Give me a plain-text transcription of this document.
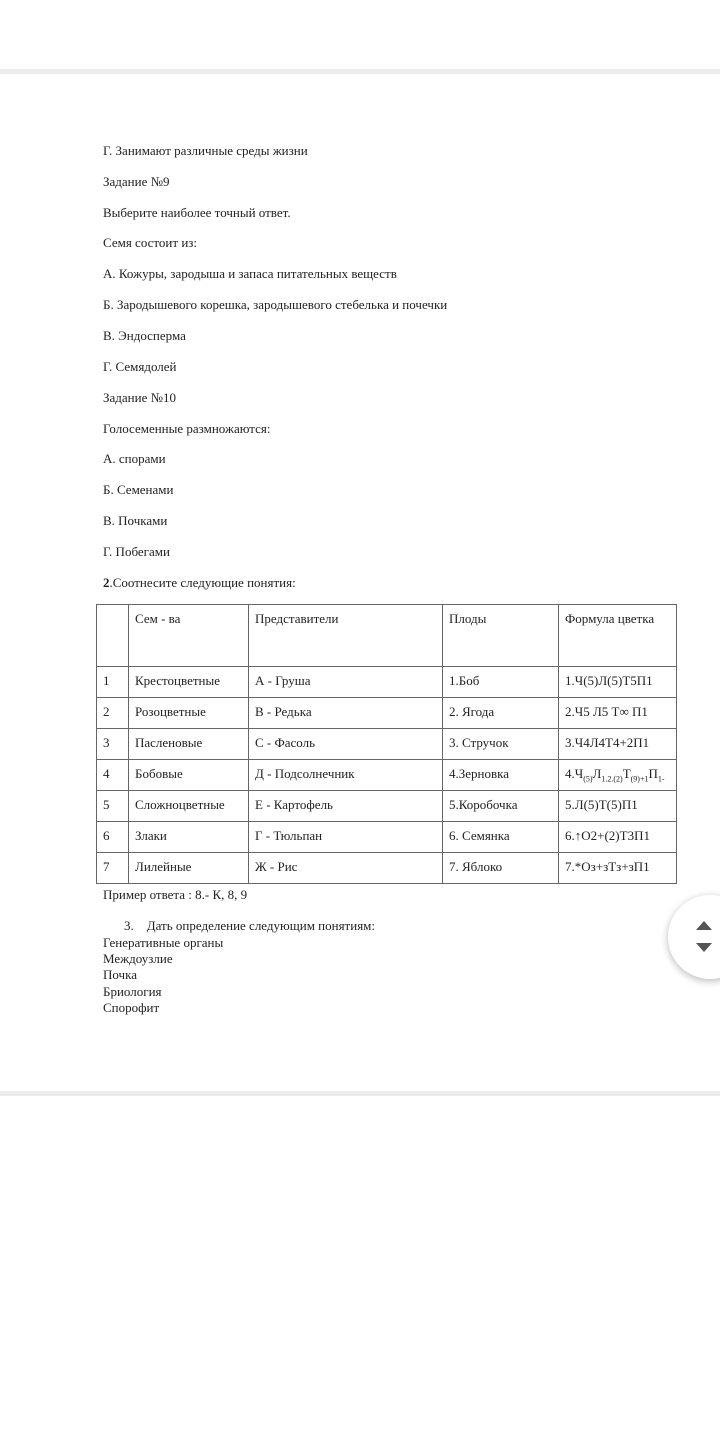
Г. Занимают различные среды жизни
Задание №9
Выберите наиболее точный ответ.
Семя состоит из:
А. Кожуры, зародыша и запаса питательных веществ
Б. Зародышевого корешка, зародышевого стебелька и почечки
В. Эндосперма
Г. Семядолей
Задание №10
Голосеменные размножаются:
А. спорами
Б. Семенами
В. Почками
Г. Побегами
2.Соотнесите следующие понятия:
	Сем - ва	Представители	Плоды	Формула цветка
1	Крестоцветные	А - Груша	1.Боб	1.Ч(5)Л(5)Т5П1
2	Розоцветные	В - Редька	2. Ягода	2.Ч5 Л5 Т∞ П1
3	Пасленовые	С - Фасоль	3. Стручок	3.Ч4Л4Т4+2П1
4	Бобовые	Д - Подсолнечник	4.Зерновка	$4.Ч_{(5)}Л_{1.2.(2)}Т_{(9)+1}П_{1-}$
5	Сложноцветные	Е - Картофель	5.Коробочка	5.Л(5)Т(5)П1
6	Злаки	Г - Тюльпан	6. Семянка	6.↑О2+(2)Т3П1
7	Лилейные	Ж - Рис	7. Яблоко	7.*Оз+зТз+зП1
Пример ответа : 8.- К, 8, 9
3. Дать определение следующим понятиям:
Генеративные органы
Междоузлие
Почка
Бриология
Спорофит
